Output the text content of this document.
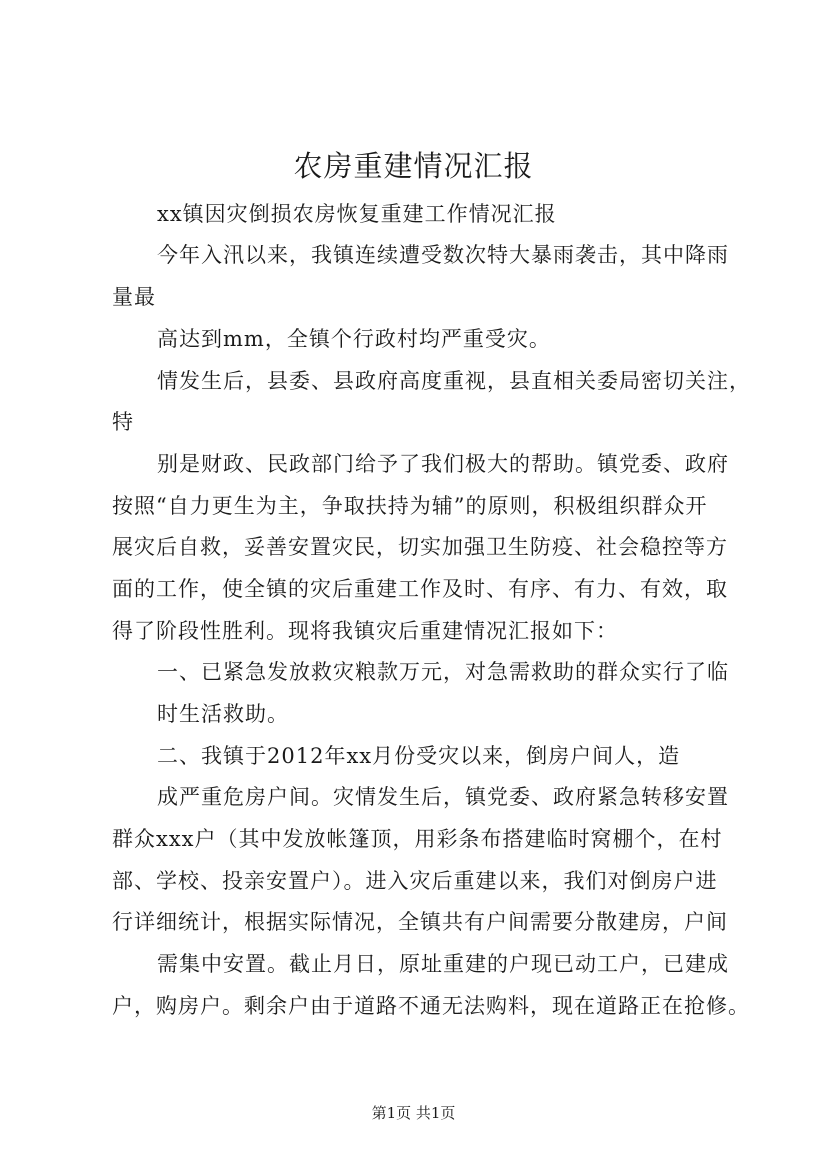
农房重建情况汇报
xx镇因灾倒损农房恢复重建工作情况汇报
今年入汛以来，我镇连续遭受数次特大暴雨袭击，其中降雨
量最
高达到mm，全镇个行政村均严重受灾。
情发生后，县委、县政府高度重视，县直相关委局密切关注，
特
别是财政、民政部门给予了我们极大的帮助。镇党委、政府
按照“自力更生为主，争取扶持为辅”的原则，积极组织群众开
展灾后自救，妥善安置灾民，切实加强卫生防疫、社会稳控等方
面的工作，使全镇的灾后重建工作及时、有序、有力、有效，取
得了阶段性胜利。现将我镇灾后重建情况汇报如下：
一、已紧急发放救灾粮款万元，对急需救助的群众实行了临
时生活救助。
二、我镇于2012年xx月份受灾以来，倒房户间人，造
成严重危房户间。灾情发生后，镇党委、政府紧急转移安置
群众xxx户（其中发放帐篷顶，用彩条布搭建临时窝棚个，在村
部、学校、投亲安置户）。进入灾后重建以来，我们对倒房户进
行详细统计，根据实际情况，全镇共有户间需要分散建房，户间
需集中安置。截止月日，原址重建的户现已动工户，已建成
户，购房户。剩余户由于道路不通无法购料，现在道路正在抢修。
第1页 共1页
